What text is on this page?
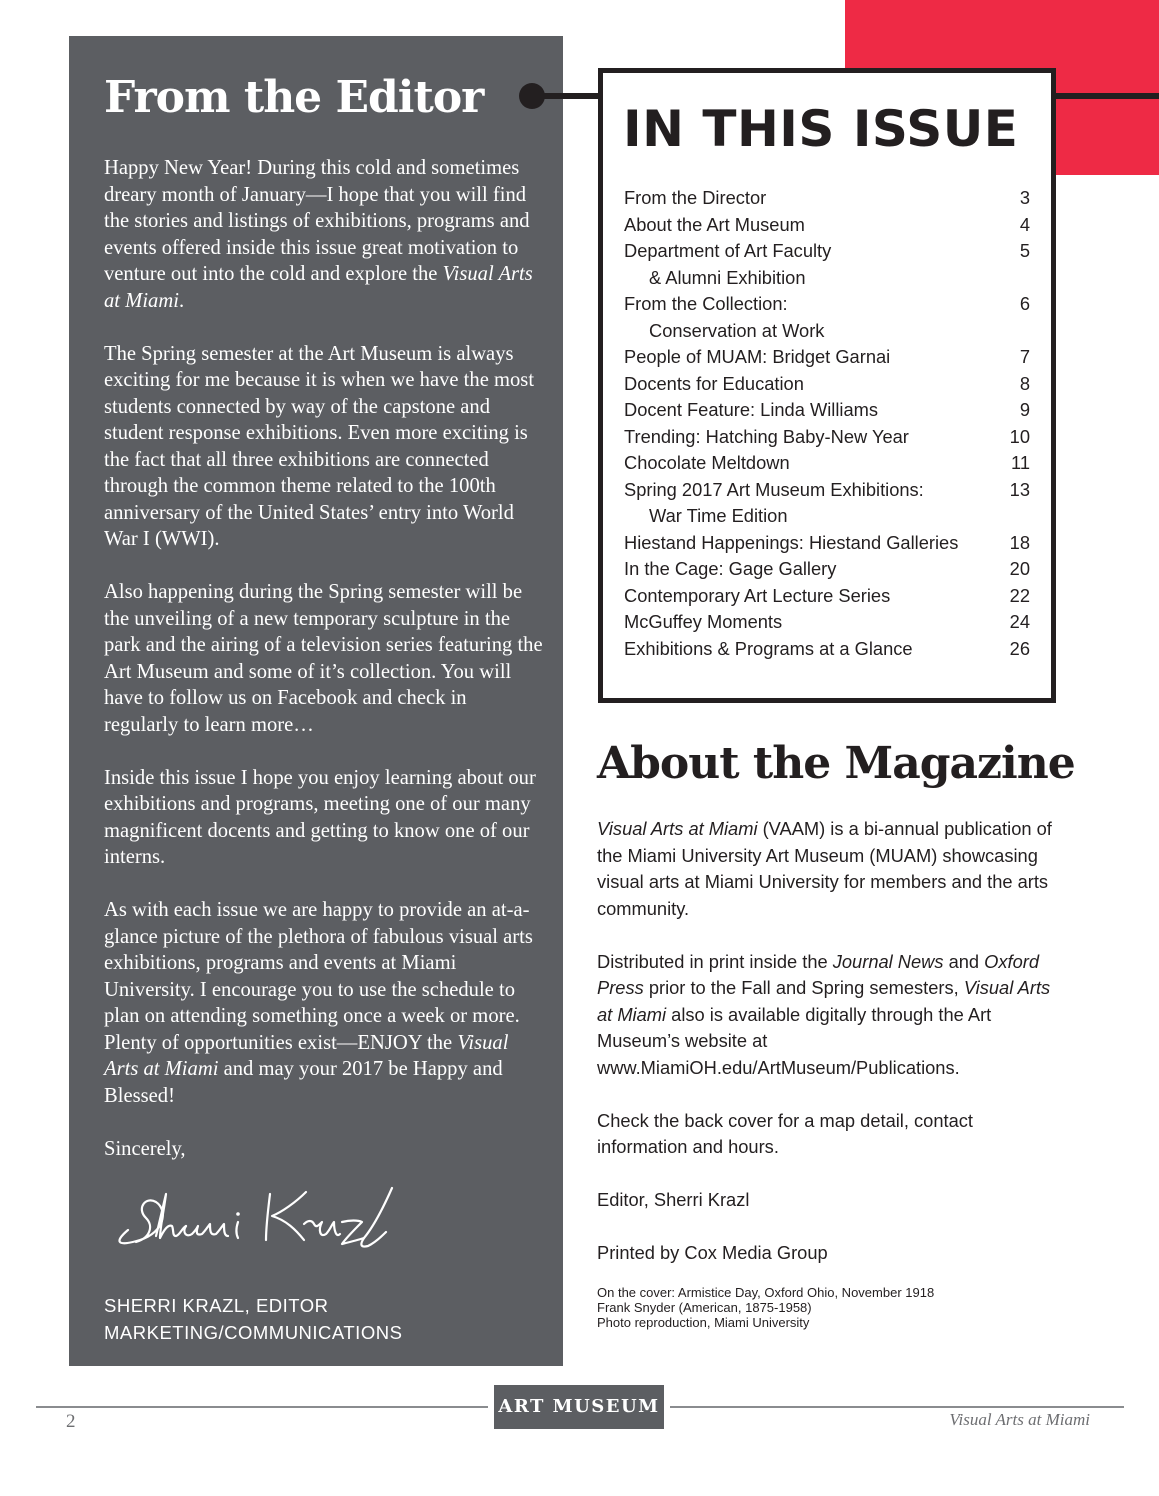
From the Editor

Happy New Year! During this cold and sometimes dreary month of January—I hope that you will find the stories and listings of exhibitions, programs and events offered inside this issue great motivation to venture out into the cold and explore the Visual Arts at Miami.

The Spring semester at the Art Museum is always exciting for me because it is when we have the most students connected by way of the capstone and student response exhibitions. Even more exciting is the fact that all three exhibitions are connected through the common theme related to the 100th anniversary of the United States’ entry into World War I (WWI).

Also happening during the Spring semester will be the unveiling of a new temporary sculpture in the park and the airing of a television series featuring the Art Museum and some of it’s collection. You will have to follow us on Facebook and check in regularly to learn more…

Inside this issue I hope you enjoy learning about our exhibitions and programs, meeting one of our many magnificent docents and getting to know one of our interns.

As with each issue we are happy to provide an at-a-glance picture of the plethora of fabulous visual arts exhibitions, programs and events at Miami University. I encourage you to use the schedule to plan on attending something once a week or more. Plenty of opportunities exist—ENJOY the Visual Arts at Miami and may your 2017 be Happy and Blessed!

Sincerely,

SHERRI KRAZL, EDITOR
MARKETING/COMMUNICATIONS
IN THIS ISSUE
From the Director	3
About the Art Museum	4
Department of Art Faculty	5
& Alumni Exhibition
From the Collection:	6
Conservation at Work
People of MUAM: Bridget Garnai	7
Docents for Education	8
Docent Feature: Linda Williams	9
Trending: Hatching Baby-New Year	10
Chocolate Meltdown	11
Spring 2017 Art Museum Exhibitions:	13
War Time Edition
Hiestand Happenings: Hiestand Galleries	18
In the Cage: Gage Gallery	20
Contemporary Art Lecture Series	22
McGuffey Moments	24
Exhibitions & Programs at a Glance	26
About the Magazine

Visual Arts at Miami (VAAM) is a bi-annual publication of the Miami University Art Museum (MUAM) showcasing visual arts at Miami University for members and the arts community.

Distributed in print inside the Journal News and Oxford Press prior to the Fall and Spring semesters, Visual Arts at Miami also is available digitally through the Art Museum’s website at www.MiamiOH.edu/ArtMuseum/Publications.

Check the back cover for a map detail, contact information and hours.

Editor, Sherri Krazl

Printed by Cox Media Group

On the cover: Armistice Day, Oxford Ohio, November 1918
Frank Snyder (American, 1875-1958)
Photo reproduction, Miami University
ART MUSEUM
2	Visual Arts at Miami
